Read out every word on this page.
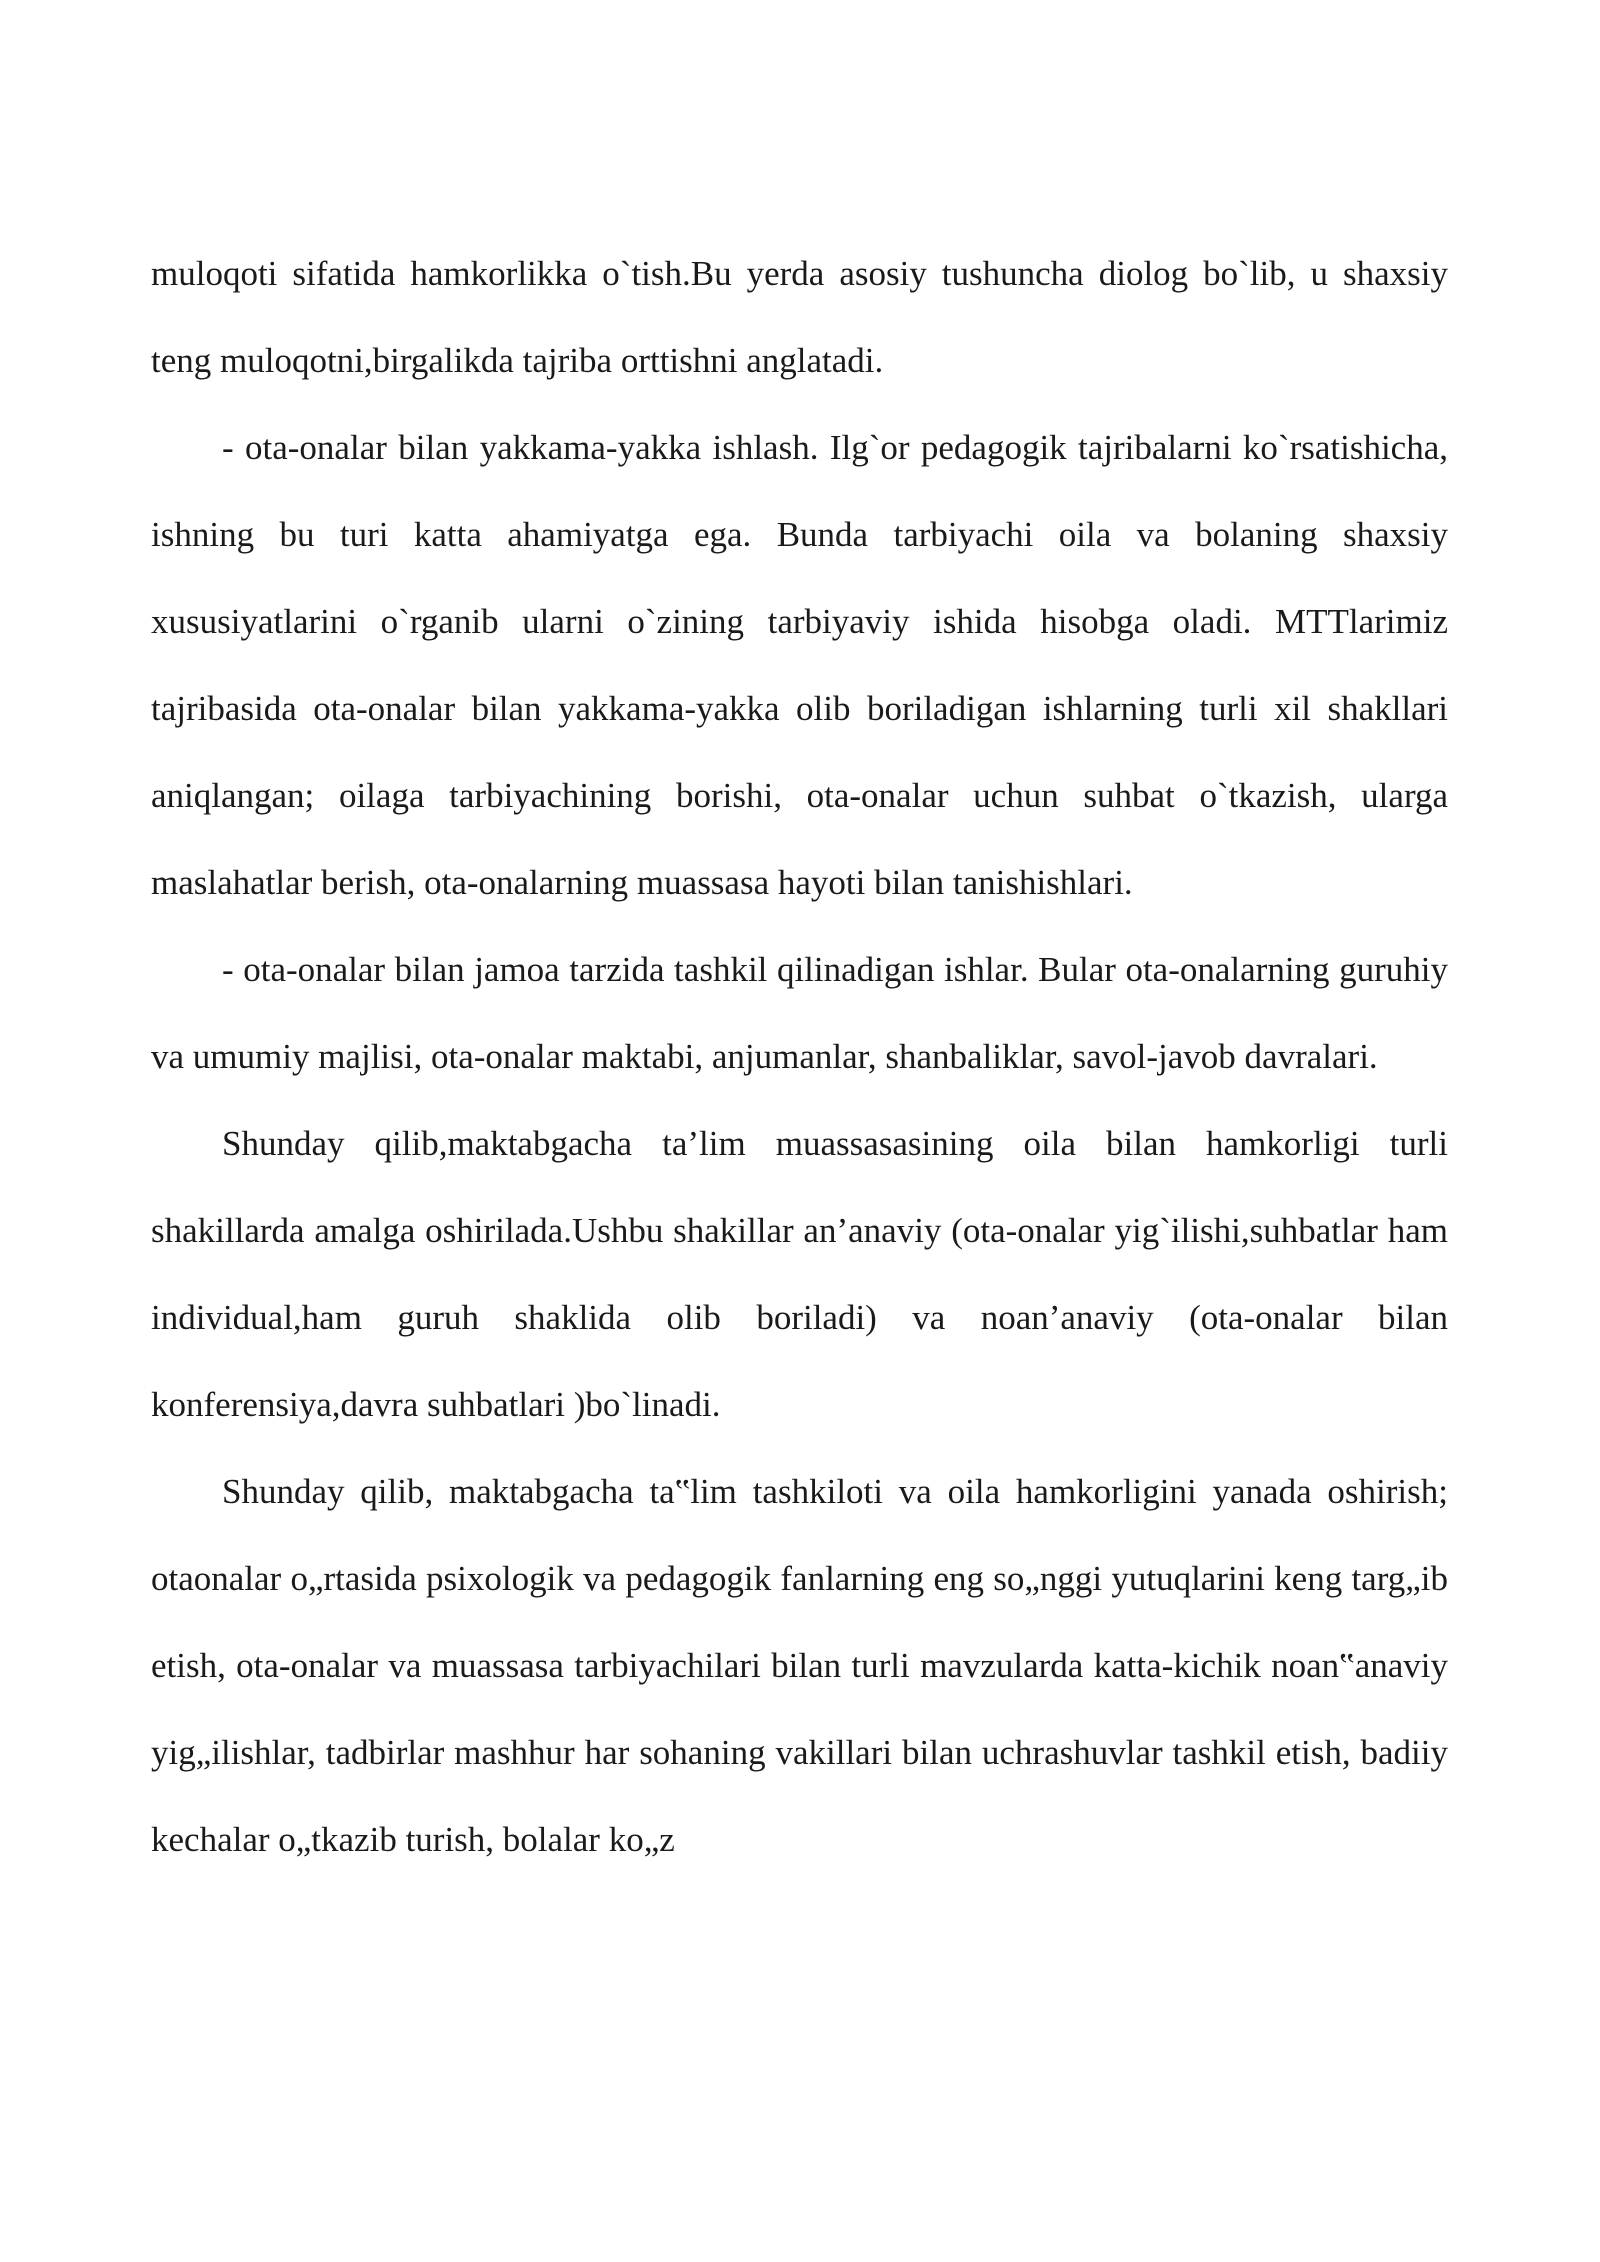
muloqoti sifatida hamkorlikka o`tish.Bu yerda asosiy tushuncha diolog bo`lib, u shaxsiy teng muloqotni,birgalikda tajriba orttishni anglatadi.

- ota-onalar bilan yakkama-yakka ishlash. Ilg`or pedagogik tajribalarni ko`rsatishicha, ishning bu turi katta ahamiyatga ega. Bunda tarbiyachi oila va bolaning shaxsiy xususiyatlarini o`rganib ularni o`zining tarbiyaviy ishida hisobga oladi. MTTlarimiz tajribasida ota-onalar bilan yakkama-yakka olib boriladigan ishlarning turli xil shakllari aniqlangan; oilaga tarbiyachining borishi, ota-onalar uchun suhbat o`tkazish, ularga maslahatlar berish, ota-onalarning muassasa hayoti bilan tanishishlari.

- ota-onalar bilan jamoa tarzida tashkil qilinadigan ishlar. Bular ota-onalarning guruhiy va umumiy majlisi, ota-onalar maktabi, anjumanlar, shanbaliklar, savol-javob davralari.

Shunday qilib,maktabgacha ta’lim muassasasining oila bilan hamkorligi turli shakillarda amalga oshirilada.Ushbu shakillar an’anaviy (ota-onalar yig`ilishi,suhbatlar ham individual,ham guruh shaklida olib boriladi) va noan’anaviy (ota-onalar bilan konferensiya,davra suhbatlari )bo`linadi.

Shunday qilib, maktabgacha ta‟lim tashkiloti va oila hamkorligini yanada oshirish; otaonalar o„rtasida psixologik va pedagogik fanlarning eng so„nggi yutuqlarini keng targ„ib etish, ota-onalar va muassasa tarbiyachilari bilan turli mavzularda katta-kichik noan‟anaviy yig„ilishlar, tadbirlar mashhur har sohaning vakillari bilan uchrashuvlar tashkil etish, badiiy kechalar o„tkazib turish, bolalar ko„z
